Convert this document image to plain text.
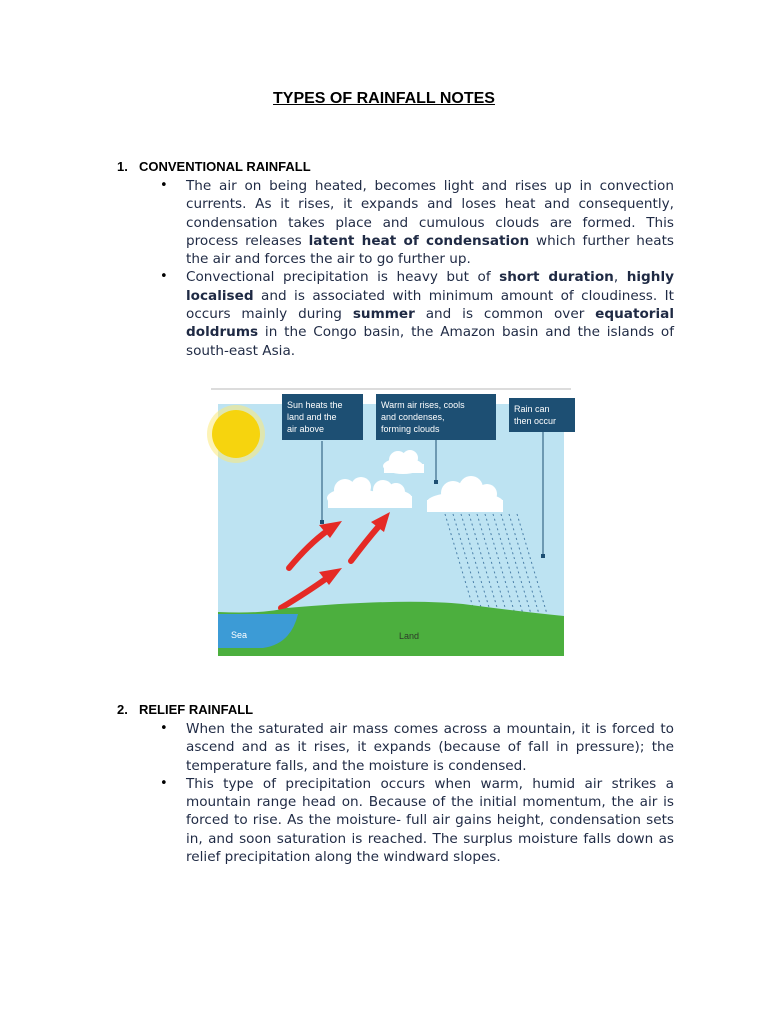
TYPES OF RAINFALL NOTES
1. CONVENTIONAL RAINFALL
• The air on being heated, becomes light and rises up in convection currents. As it rises, it expands and loses heat and consequently, condensation takes place and cumulous clouds are formed. This process releases latent heat of condensation which further heats the air and forces the air to go further up.
• Convectional precipitation is heavy but of short duration, highly localised and is associated with minimum amount of cloudiness. It occurs mainly during summer and is common over equatorial doldrums in the Congo basin, the Amazon basin and the islands of south-east Asia.
Sea	Land
Sun heats the
land and the
air above
Warm air rises, cools
and condenses,
forming clouds
Rain can
then occur
2. RELIEF RAINFALL
• When the saturated air mass comes across a mountain, it is forced to ascend and as it rises, it expands (because of fall in pressure); the temperature falls, and the moisture is condensed.
• This type of precipitation occurs when warm, humid air strikes a mountain range head on. Because of the initial momentum, the air is forced to rise. As the moisture- full air gains height, condensation sets in, and soon saturation is reached. The surplus moisture falls down as relief precipitation along the windward slopes.
